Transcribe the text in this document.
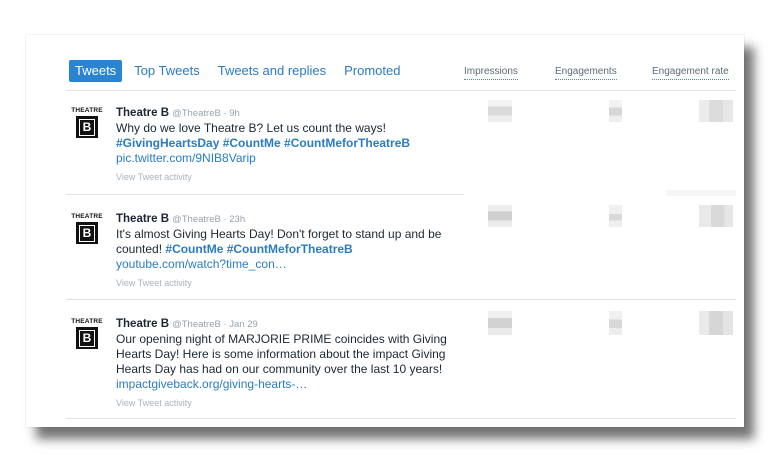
Tweets	Top Tweets	Tweets and replies	Promoted	Impressions	Engagements	Engagement rate
THEATRE
B
Theatre B @TheatreB · 9h
Why do we love Theatre B? Let us count the ways!
#GivingHeartsDay #CountMe #CountMeforTheatreB
pic.twitter.com/9NIB8Varip
View Tweet activity
THEATRE
B
Theatre B @TheatreB · 23h
It's almost Giving Hearts Day! Don't forget to stand up and be counted! #CountMe #CountMeforTheatreB
youtube.com/watch?time_con…
View Tweet activity
THEATRE
B
Theatre B @TheatreB · Jan 29
Our opening night of MARJORIE PRIME coincides with Giving Hearts Day! Here is some information about the impact Giving Hearts Day has had on our community over the last 10 years! impactgiveback.org/giving-hearts-…
View Tweet activity
